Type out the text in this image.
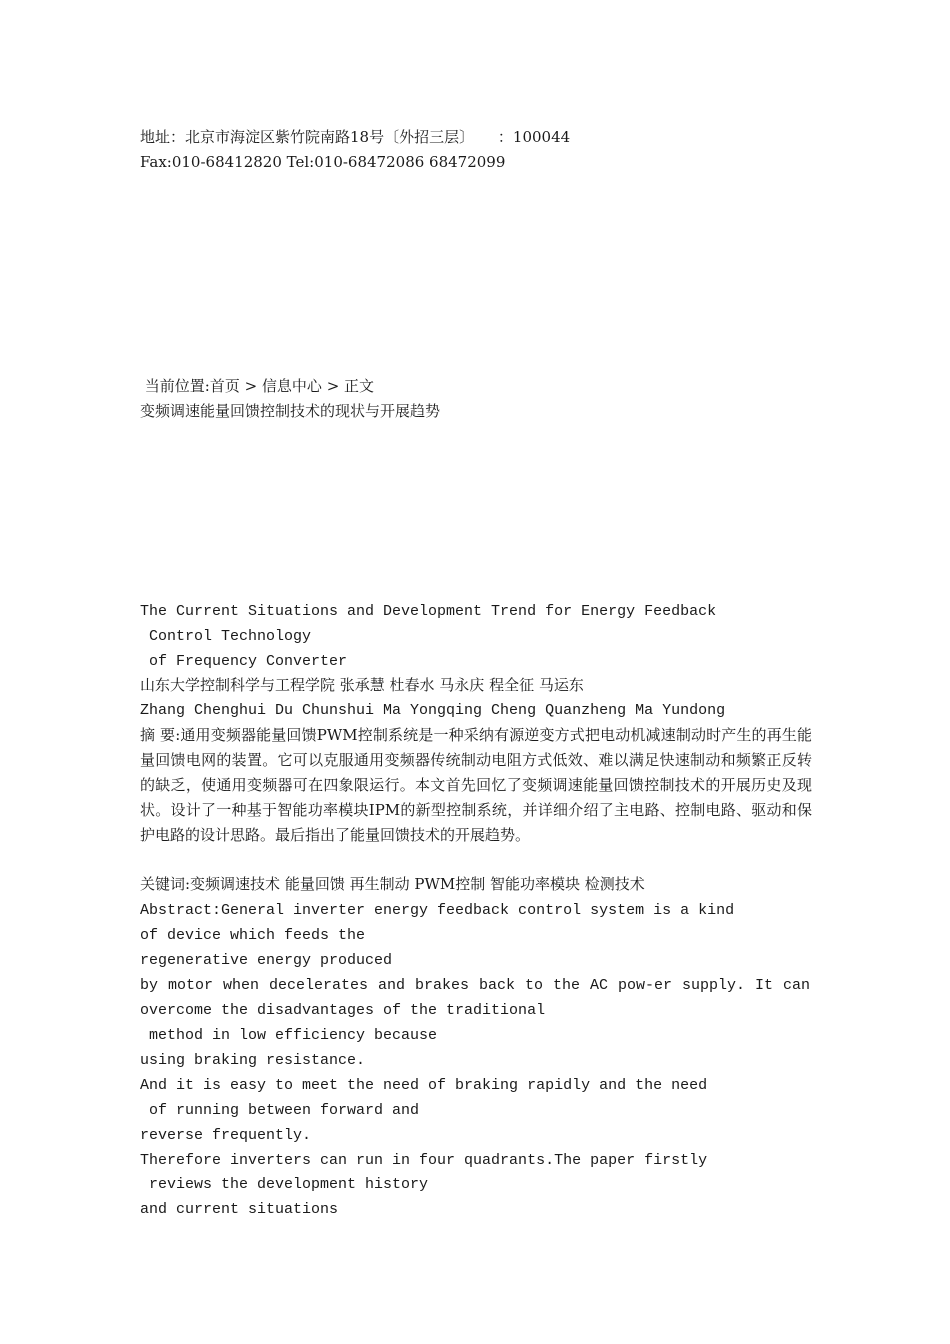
地址：北京市海淀区紫竹院南路18号〔外招三层〕     ：100044
Fax:010-68412820 Tel:010-68472086 68472099
当前位置:首页 > 信息中心 > 正文
变频调速能量回馈控制技术的现状与开展趋势
The Current Situations and Development Trend for Energy Feedback
Control Technology
of Frequency Converter
山东大学控制科学与工程学院 张承慧 杜春水 马永庆 程全征 马运东
Zhang Chenghui Du Chunshui Ma Yongqing Cheng Quanzheng Ma Yundong

摘 要:通用变频器能量回馈PWM控制系统是一种采纳有源逆变方式把电动机减速制动时产生的再生能量回馈电网的装置。它可以克服通用变频器传统制动电阻方式低效、难以满足快速制动和频繁正反转的缺乏，使通用变频器可在四象限运行。本文首先回忆了变频调速能量回馈控制技术的开展历史及现状。设计了一种基于智能功率模块IPM的新型控制系统，并详细介绍了主电路、控制电路、驱动和保护电路的设计思路。最后指出了能量回馈技术的开展趋势。

关键词:变频调速技术 能量回馈 再生制动 PWM控制 智能功率模块 检测技术
Abstract:General inverter energy feedback control system is a kind
of device which feeds the
regenerative energy produced
by motor when decelerates and brakes back to the AC pow-er supply. It can
overcome the disadvantages of the traditional
method in low efficiency because
using braking resistance.
And it is easy to meet the need of braking rapidly and the need
of running between forward and
reverse frequently.
Therefore inverters can run in four quadrants.The paper firstly
reviews the development history
and current situations
